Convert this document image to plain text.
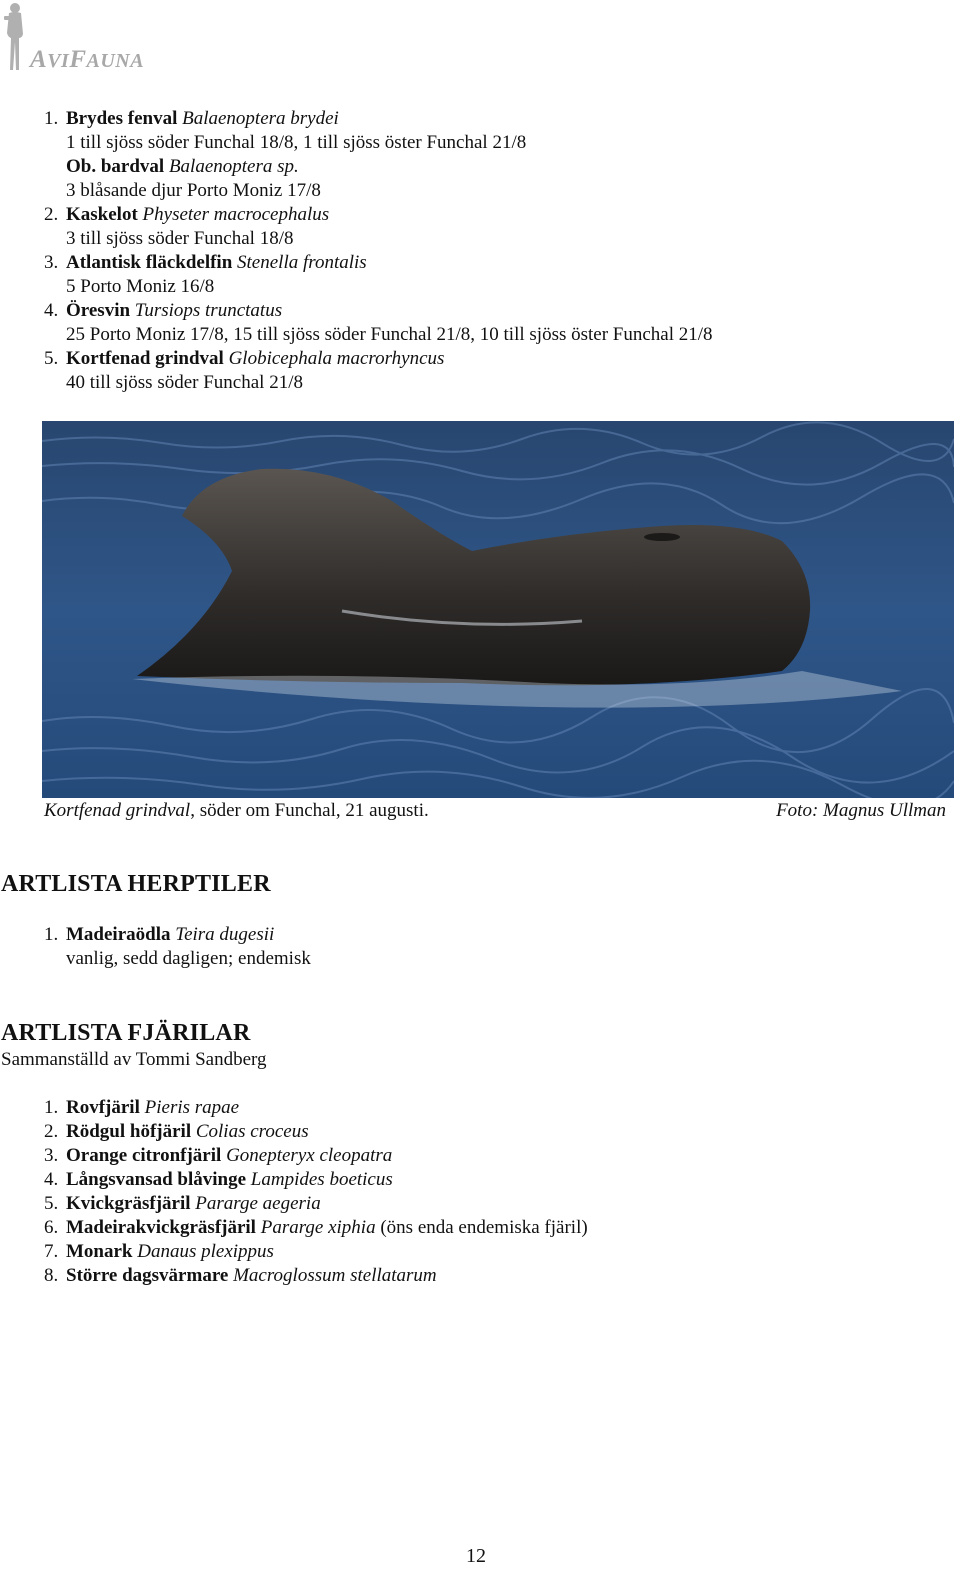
AVIFAUNA
1. Brydes fenval Balaenoptera brydei
1 till sjöss söder Funchal 18/8, 1 till sjöss öster Funchal 21/8
Ob. bardval Balaenoptera sp.
3 blåsande djur Porto Moniz 17/8
2. Kaskelot Physeter macrocephalus
3 till sjöss söder Funchal 18/8
3. Atlantisk fläckdelfin Stenella frontalis
5 Porto Moniz 16/8
4. Öresvin Tursiops trunctatus
25 Porto Moniz 17/8, 15 till sjöss söder Funchal 21/8, 10 till sjöss öster Funchal 21/8
5. Kortfenad grindval Globicephala macrorhyncus
40 till sjöss söder Funchal 21/8
Kortfenad grindval, söder om Funchal, 21 augusti.	Foto: Magnus Ullman
ARTLISTA HERPTILER
1. Madeiraödla Teira dugesii
vanlig, sedd dagligen; endemisk
ARTLISTA FJÄRILAR
Sammanställd av Tommi Sandberg
1. Rovfjäril Pieris rapae
2. Rödgul höfjäril Colias croceus
3. Orange citronfjäril Gonepteryx cleopatra
4. Långsvansad blåvinge Lampides boeticus
5. Kvickgräsfjäril Pararge aegeria
6. Madeirakvickgräsfjäril Pararge xiphia (öns enda endemiska fjäril)
7. Monark Danaus plexippus
8. Större dagsvärmare Macroglossum stellatarum
12
